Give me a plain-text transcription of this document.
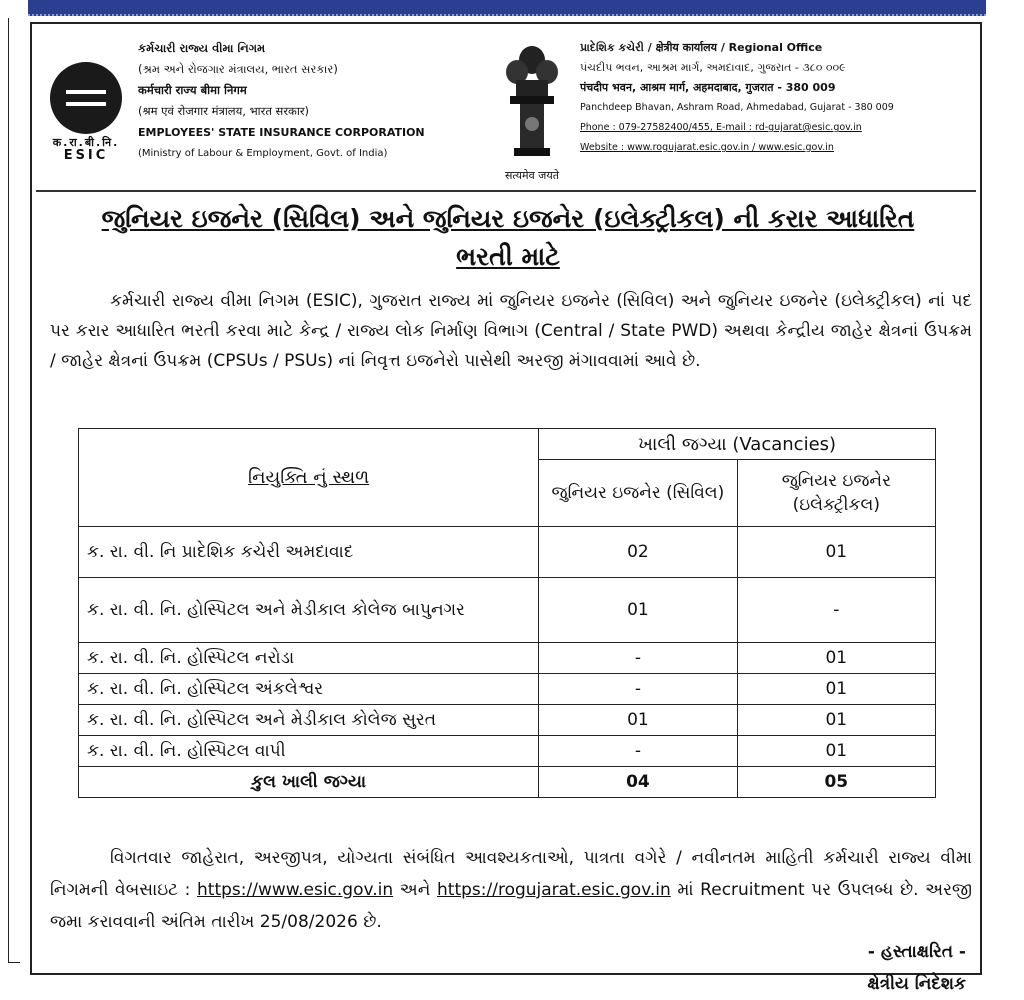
क.रा.बी.नि.
ESIC
કર્મચારી રાજ્ય વીમા નિગમ
(શ્રમ અને રોજગાર મંત્રાલય, ભારત સરકાર)
कर्मचारी राज्य बीमा निगम
(श्रम एवं रोजगार मंत्रालय, भारत सरकार)
EMPLOYEES' STATE INSURANCE CORPORATION
(Ministry of Labour & Employment, Govt. of India)
सत्यमेव जयते
પ્રાદેશિક કચેરી / क्षेत्रीय कार्यालय / Regional Office
પંચદીપ ભવન, આશ્રમ માર્ગ, અમદાવાદ, ગુજરાત - ૩૮૦ ૦૦૯
पंचदीप भवन, आश्रम मार्ग, अहमदाबाद, गुजरात - 380 009
Panchdeep Bhavan, Ashram Road, Ahmedabad, Gujarat - 380 009
Phone : 079-27582400/455, E-mail : rd-gujarat@esic.gov.in
Website : www.rogujarat.esic.gov.in / www.esic.gov.in
જુનિયર ઇજનેર (સિવિલ) અને જુનિયર ઇજનેર (ઇલેક્ટ્રીકલ) ની કરાર આધારિત
ભરતી માટે
કર્મચારી રાજ્ય વીમા નિગમ (ESIC), ગુજરાત રાજ્ય માં જુનિયર ઇજનેર (સિવિલ) અને જુનિયર ઇજનેર (ઇલેક્ટ્રીકલ) નાં પદ પર કરાર આધારિત ભરતી કરવા માટે કેન્દ્ર / રાજ્ય લોક નિર્માણ વિભાગ (Central / State PWD) અથવા કેન્દ્રીય જાહેર ક્ષેત્રનાં ઉપક્રમ / જાહેર ક્ષેત્રનાં ઉપક્રમ (CPSUs / PSUs) નાં નિવૃત્ત ઇજનેરો પાસેથી અરજી મંગાવવામાં આવે છે.
નિયુક્તિ નું સ્થળ	ખાલી જગ્યા (Vacancies)	
	જુનિયર ઇજનેર (સિવિલ)	જુનિયર ઇજનેર (ઇલેક્ટ્રીકલ)
ક. રા. વી. નિ પ્રાદેશિક કચેરી અમદાવાદ	02	01
ક. રા. વી. નિ. હોસ્પિટલ અને મેડીકાલ કોલેજ બાપુનગર	01	-
ક. રા. વી. નિ. હોસ્પિટલ નરોડા	-	01
ક. રા. વી. નિ. હોસ્પિટલ અંકલેશ્વર	-	01
ક. રા. વી. નિ. હોસ્પિટલ અને મેડીકાલ કોલેજ સુરત	01	01
ક. રા. વી. નિ. હોસ્પિટલ વાપી	-	01
કુલ ખાલી જગ્યા	04	05
વિગતવાર જાહેરાત, અરજીપત્ર, યોગ્યતા સંબંધિત આવશ્યકતાઓ, પાત્રતા વગેરે / નવીનતમ માહિતી કર્મચારી રાજ્ય વીમા નિગમની વેબસાઇટ : https://www.esic.gov.in અને https://rogujarat.esic.gov.in માં Recruitment પર ઉપલબ્ધ છે. અરજી જમા કરાવવાની અંતિમ તારીખ 25/08/2026 છે.
- હસ્તાક્ષરિત -
ક્ષેત્રીય નિદેશક
